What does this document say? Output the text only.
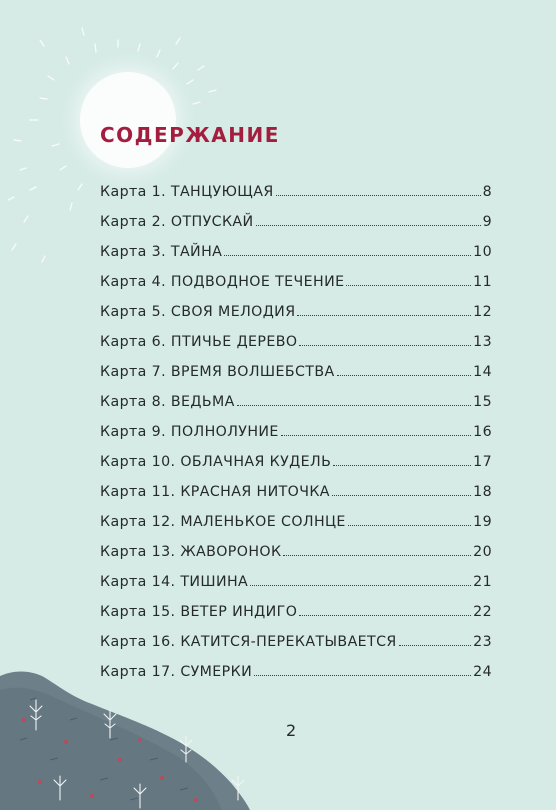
СОДЕРЖАНИЕ
Карта 1. ТАНЦУЮЩАЯ	8
Карта 2. ОТПУСКАЙ	9
Карта 3. ТАЙНА	10
Карта 4. ПОДВОДНОЕ ТЕЧЕНИЕ	11
Карта 5. СВОЯ МЕЛОДИЯ	12
Карта 6. ПТИЧЬЕ ДЕРЕВО	13
Карта 7. ВРЕМЯ ВОЛШЕБСТВА	14
Карта 8. ВЕДЬМА	15
Карта 9. ПОЛНОЛУНИЕ	16
Карта 10. ОБЛАЧНАЯ КУДЕЛЬ	17
Карта 11. КРАСНАЯ НИТОЧКА	18
Карта 12. МАЛЕНЬКОЕ СОЛНЦЕ	19
Карта 13. ЖАВОРОНОК	20
Карта 14. ТИШИНА	21
Карта 15. ВЕТЕР ИНДИГО	22
Карта 16. КАТИТСЯ-ПЕРЕКАТЫВАЕТСЯ	23
Карта 17. СУМЕРКИ	24
2
